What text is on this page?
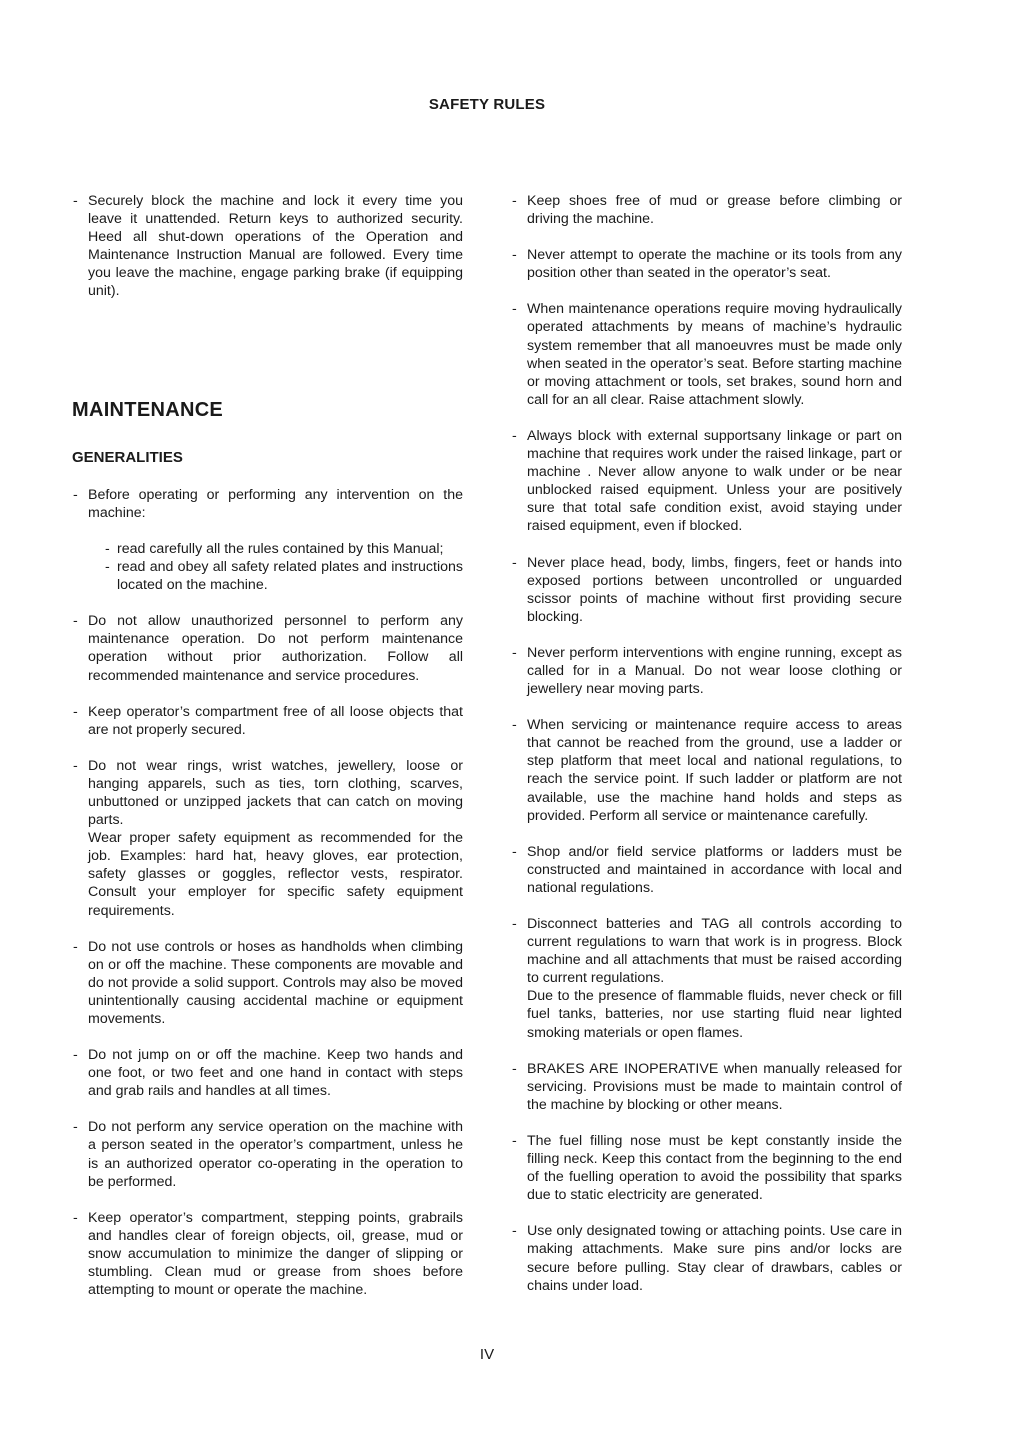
SAFETY RULES
- Securely block the machine and lock it every time you leave it unattended. Return keys to authorized security. Heed all shut-down operations of the Operation and Maintenance Instruction Manual are followed. Every time you leave the machine, engage parking brake (if equipping unit).
MAINTENANCE
GENERALITIES

- Before operating or performing any intervention on the machine:

- read carefully all the rules contained by this Manual;
- read and obey all safety related plates and instructions located on the machine.
- Do not allow unauthorized personnel to perform any maintenance operation. Do not perform maintenance operation without prior authorization. Follow all recommended maintenance and service procedures.
- Keep operator’s compartment free of all loose objects that are not properly secured.

- Do not wear rings, wrist watches, jewellery, loose or hanging apparels, such as ties, torn clothing, scarves, unbuttoned or unzipped jackets that can catch on moving parts.

Wear proper safety equipment as recommended for the job. Examples: hard hat, heavy gloves, ear protection, safety glasses or goggles, reflector vests, respirator. Consult your employer for specific safety equipment requirements.

- Do not use controls or hoses as handholds when climbing on or off the machine. These components are movable and do not provide a solid support. Controls may also be moved unintentionally causing accidental machine or equipment movements.
- Do not jump on or off the machine. Keep two hands and one foot, or two feet and one hand in contact with steps and grab rails and handles at all times.
- Do not perform any service operation on the machine with a person seated in the operator’s compartment, unless he is an authorized operator co-operating in the operation to be performed.
- Keep operator’s compartment, stepping points, grabrails and handles clear of foreign objects, oil, grease, mud or snow accumulation to minimize the danger of slipping or stumbling. Clean mud or grease from shoes before attempting to mount or operate the machine.
- Keep shoes free of mud or grease before climbing or driving the machine.
- Never attempt to operate the machine or its tools from any position other than seated in the operator’s seat.
- When maintenance operations require moving hydraulically operated attachments by means of machine’s hydraulic system remember that all manoeuvres must be made only when seated in the operator’s seat. Before starting machine or moving attachment or tools, set brakes, sound horn and call for an all clear. Raise attachment slowly.
- Always block with external supportsany linkage or part on machine that requires work under the raised linkage, part or machine . Never allow anyone to walk under or be near unblocked raised equipment. Unless your are positively sure that total safe condition exist, avoid staying under raised equipment, even if blocked.
- Never place head, body, limbs, fingers, feet or hands into exposed portions between uncontrolled or unguarded scissor points of machine without first providing secure blocking.
- Never perform interventions with engine running, except as called for in a Manual. Do not wear loose clothing or jewellery near moving parts.
- When servicing or maintenance require access to areas that cannot be reached from the ground, use a ladder or step platform that meet local and national regulations, to reach the service point. If such ladder or platform are not available, use the machine hand holds and steps as provided. Perform all service or maintenance carefully.
- Shop and/or field service platforms or ladders must be constructed and maintained in accordance with local and national regulations.

- Disconnect batteries and TAG all controls according to current regulations to warn that work is in progress. Block machine and all attachments that must be raised according to current regulations.

Due to the presence of flammable fluids, never check or fill fuel tanks, batteries, nor use starting fluid near lighted smoking materials or open flames.

- BRAKES ARE INOPERATIVE when manually released for servicing. Provisions must be made to maintain control of the machine by blocking or other means.
- The fuel filling nose must be kept constantly inside the filling neck. Keep this contact from the beginning to the end of the fuelling operation to avoid the possibility that sparks due to static electricity are generated.
- Use only designated towing or attaching points. Use care in making attachments. Make sure pins and/or locks are secure before pulling. Stay clear of drawbars, cables or chains under load.
IV
